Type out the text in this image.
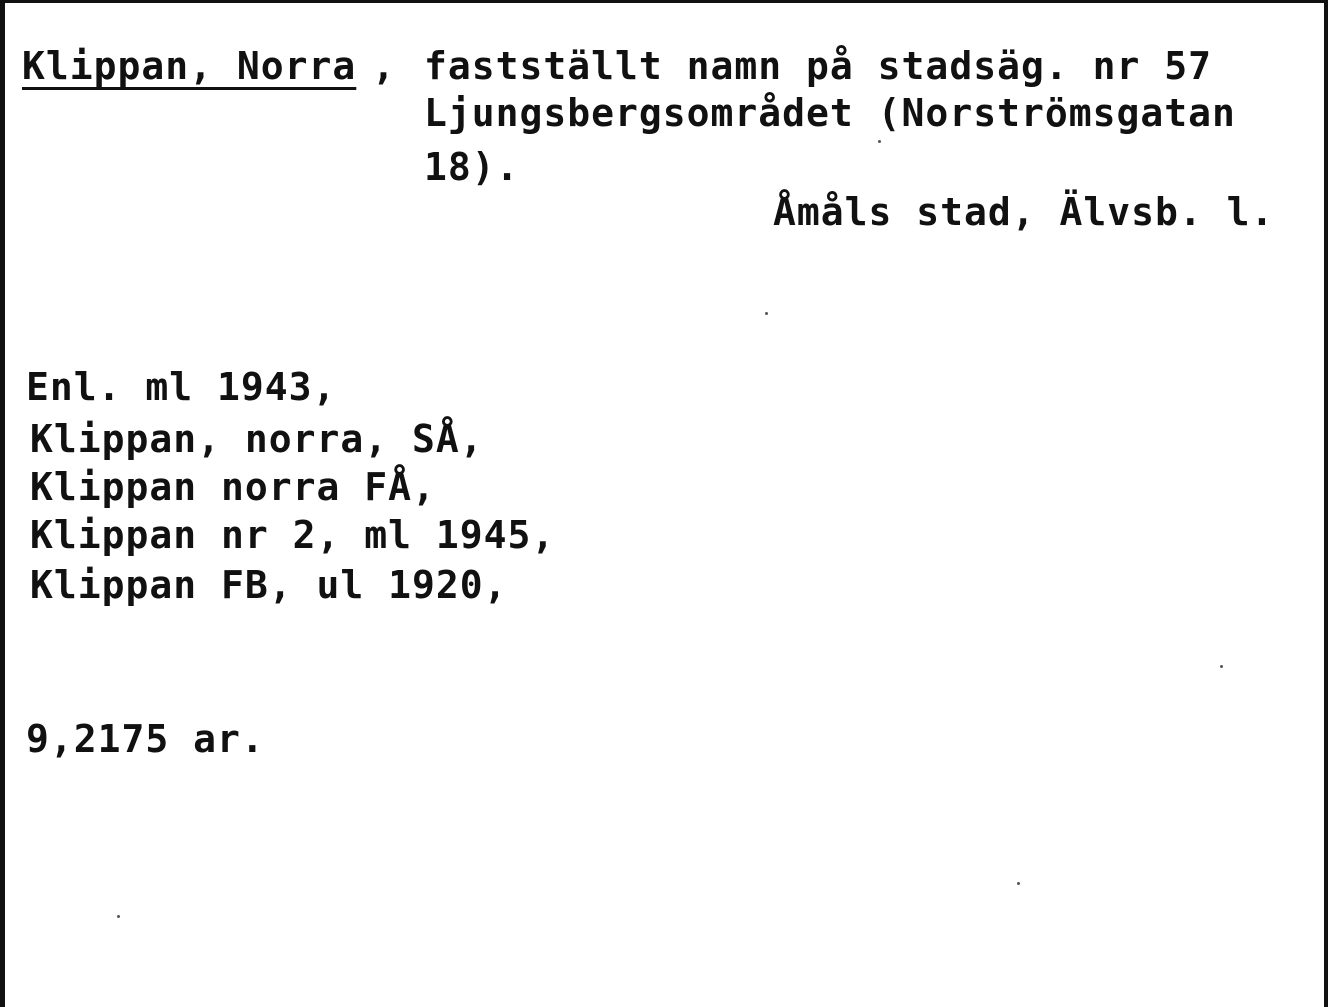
Klippan, Norra , fastställt namn på stadsäg. nr 57
Ljungsbergsområdet (Norströmsgatan
18).
Åmåls stad, Älvsb. l.
Enl. ml 1943,
Klippan, norra, SÅ,
Klippan norra FÅ,
Klippan nr 2, ml 1945,
Klippan FB, ul 1920,
9,2175 ar.
